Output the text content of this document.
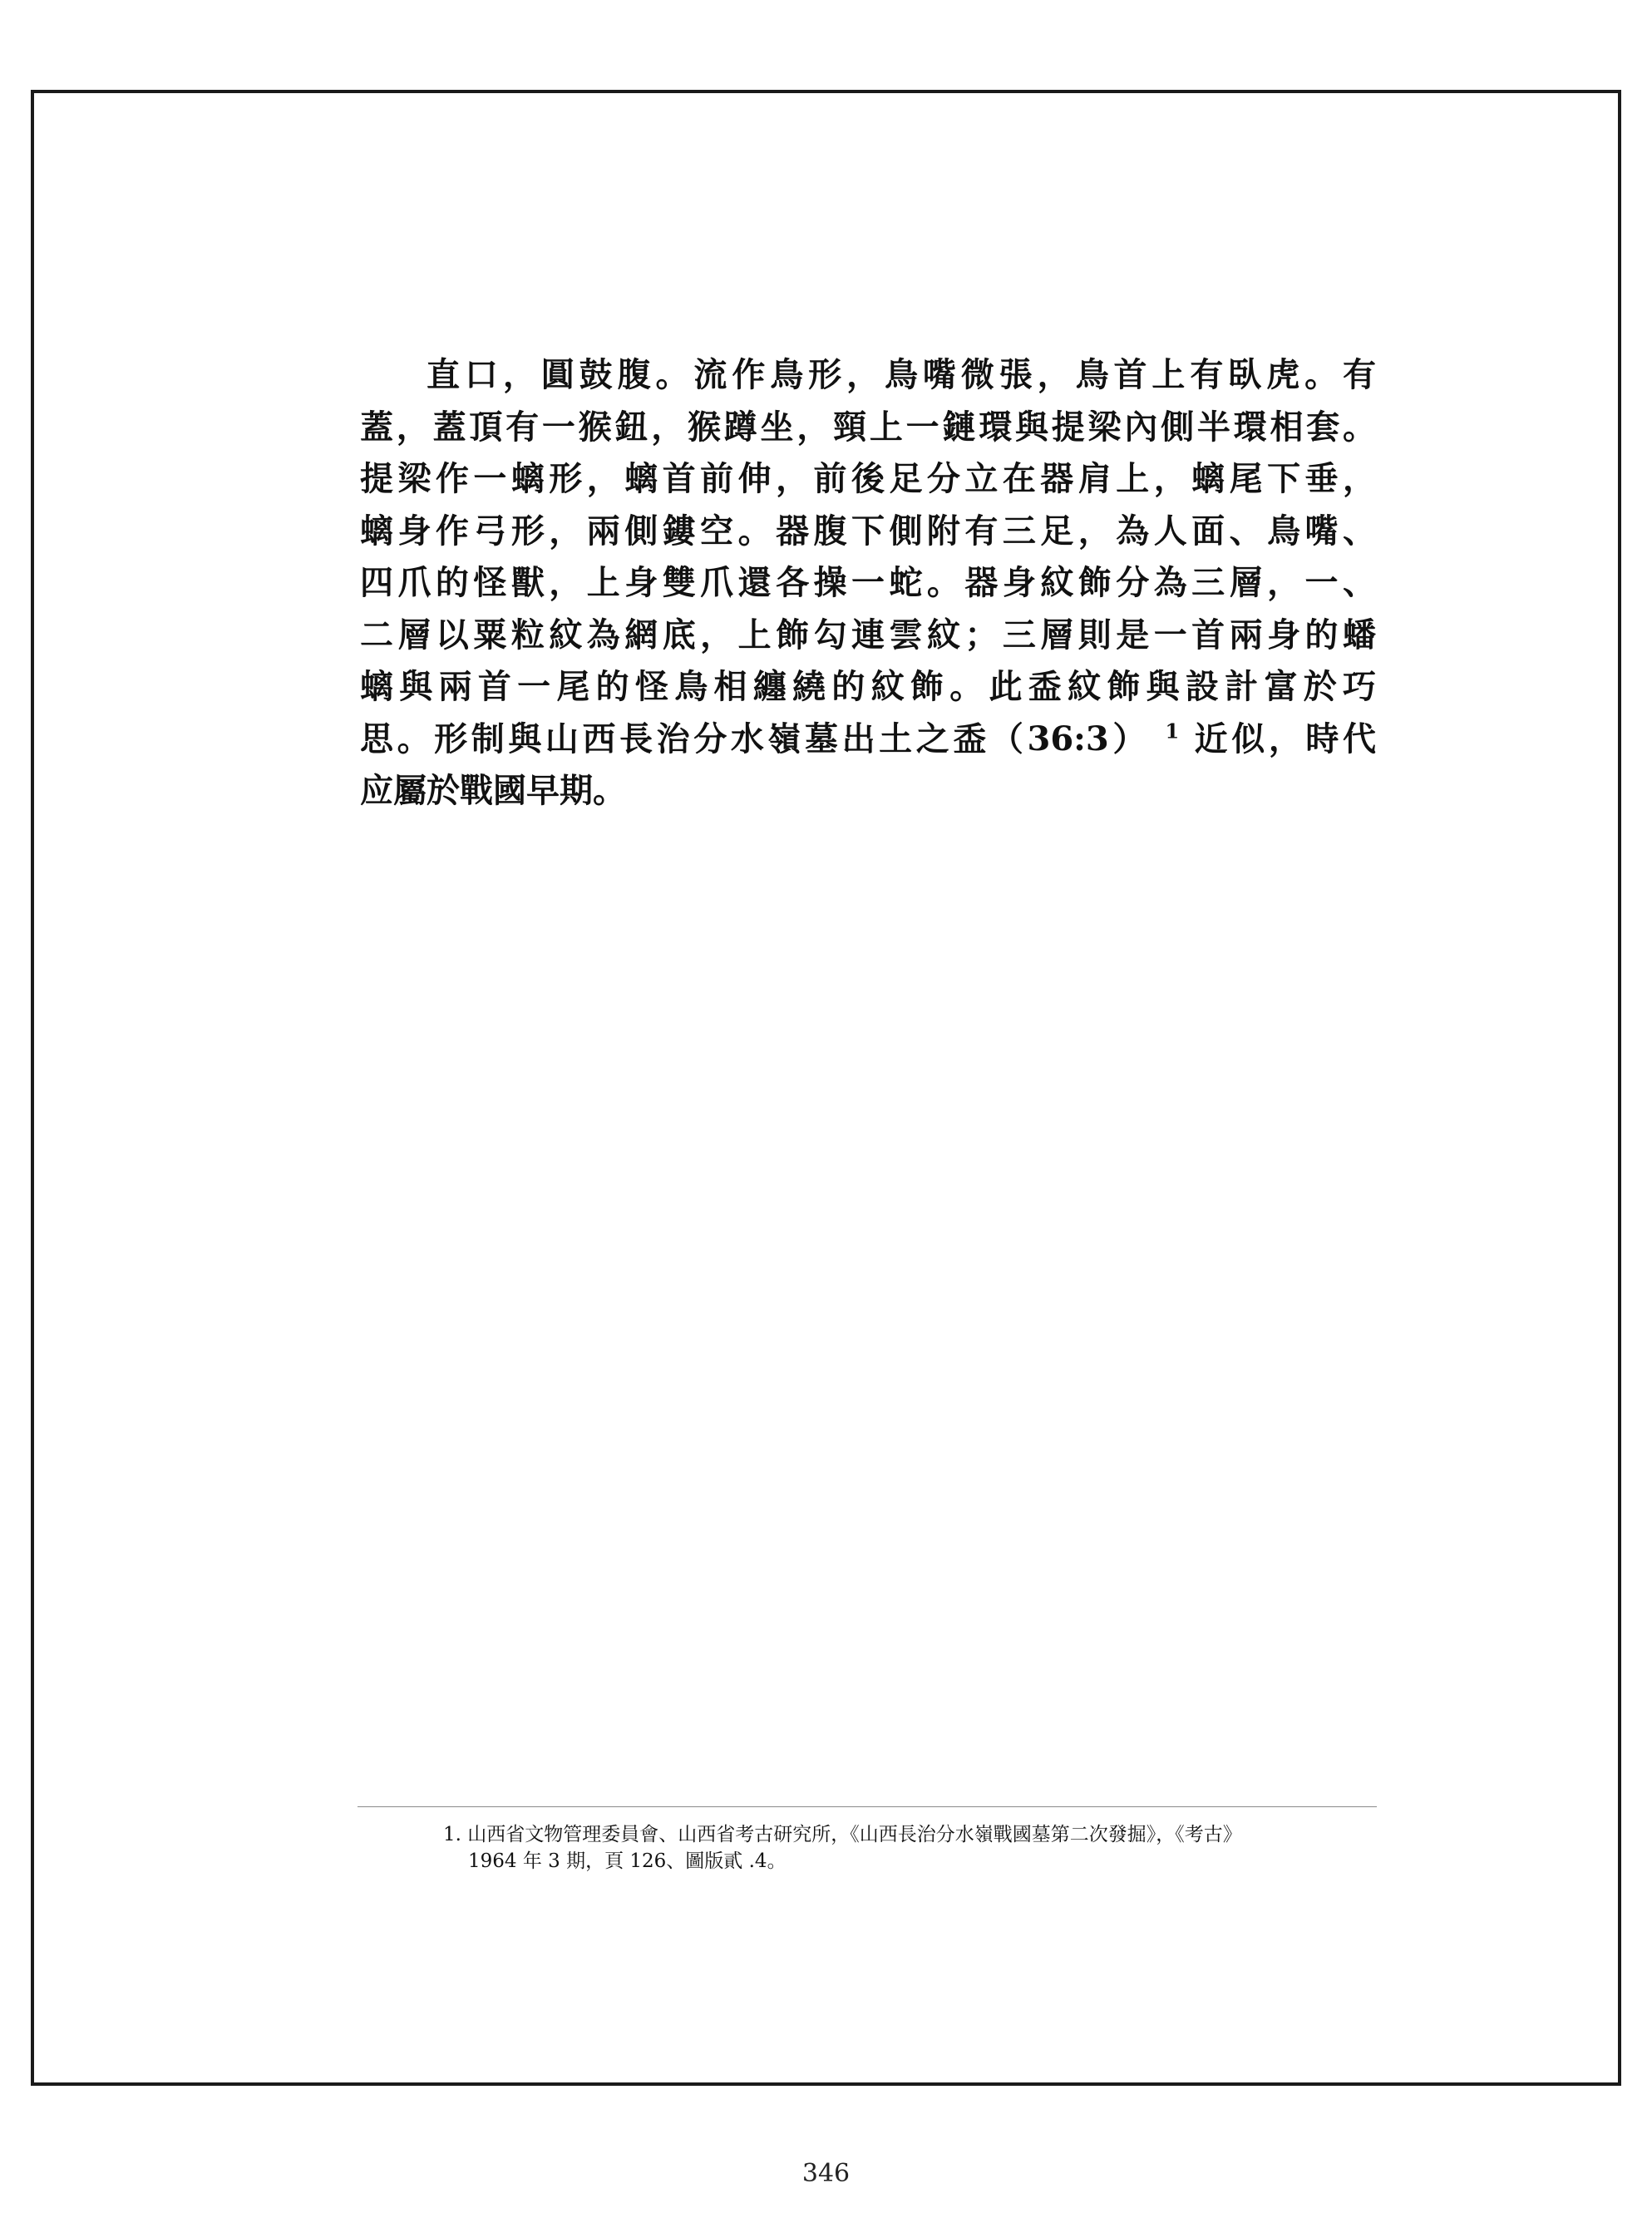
直口，圓鼓腹。流作鳥形，鳥嘴微張，鳥首上有臥虎。有
蓋，蓋頂有一猴鈕，猴蹲坐，頸上一鏈環與提梁內側半環相套。
提梁作一螭形，螭首前伸，前後足分立在器肩上，螭尾下垂，
螭身作弓形，兩側鏤空。器腹下側附有三足，為人面、鳥嘴、
四爪的怪獸，上身雙爪還各操一蛇。器身紋飾分為三層，一、
二層以粟粒紋為網底，上飾勾連雲紋；三層則是一首兩身的蟠
螭與兩首一尾的怪鳥相纏繞的紋飾。此盉紋飾與設計富於巧
思。形制與山西長治分水嶺墓出土之盉（36:3） $^1$ 近似，時代
应屬於戰國早期。
1. 山西省文物管理委員會、山西省考古研究所，《山西長治分水嶺戰國墓第二次發掘》，《考古》
1964 年 3 期，頁 126、圖版貳 .4。
346
